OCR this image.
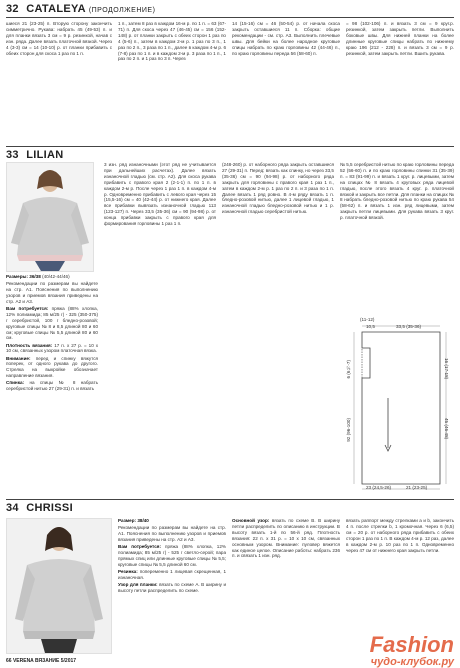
32 CATALEYA (ПРОДОЛЖЕНИЕ)
шиеся 21 (23-25) п. Вторую сторону закончить симметрично. Рукава: набрать 45 (49-53) п. и для планки вязать 3 см = 9 р. резинкой, начав с изн. ряда. Далее вязать платочной вязкой. Через 4 (3-3) см = 14 (10-10) р. от планки прибавить с обеих сторон для скоса 1 раз по 1 п.
1 п., затем 8 раз в каждом 16-м р. по 1 п. = 63 (67-71) п. Для скоса через 47 (46-45) см = 156 (152-148) р. от планки закрыть с обеих сторон 1 раз по 4 (5-6) п., затем в каждом 2-м р. 1 раз по 3 п., 1 раз по 2 п., 3 раза по 1 п., далее в каждом 4-м р. 6 (7-8) раз по 1 п. и в каждом 2-м р. 3 раза по 1 п., 1 раз по 2 п. и 1 раз по 3 п. Через
14 (15-16) см = 46 (50-54) р. от начала скоса закрыть оставшиеся 11 п. Сборка: общие рекомендации - см. стр. А3. Выполнить плечевые швы. Для бейки на более народное круговые спицы набрать по краю горловины 42 (44-46) п., по краю горловины переда 56 (58-60) п.
= 98 (102-106) п. и вязать 3 см = 9 круг.р. резинкой, затем закрыть петли. Выполнить боковые швы. Для нижней планки на более длинные круговые спицы набрать по нижнему краю 196 (212 - 228) п. и вязать 3 см = 9 р. резинкой, затем закрыть петли. Вшить рукава.
33 LILIAN

Размеры: 36/38 (40/42-44/46)

Рекомендации по размерам вы найдете на стр. А1. Пояснения по выполнению узоров и приемов вязания приведены на стр. А2 и А3.

Вам потребуется: пряжа (88% хлопка, 12% полиамида; 85 м/25 г) - 325 (350-375) г серебристой, 100 г бледно-розовой; круговые спицы № 8 и 8,5 длиной 80 и 60 см; круговые спицы № 5,5 длиной 80 и 60 см.

Плотность вязания: 17 п. х 27 р. = 10 х 10 см, связанных узором платочная вязка.

Внимание: перед и спинку вяжутся поперек, от одного рукава до другого. Стрелка на выкройке обозначает направление вязания.

Спинка: на спицы № 8 набрать серебристой нитью 27 (29-31) п. и вязать

3 изн. ряд изнаночными (этот ряд не учитывается при дальнейших расчетах). Далее вязать изнаночной гладью (см. стр. А2). Для скоса рукава прибавить с правого края 2 (2-1-1) п. по 1 п. в каждом 2-м р. После через 1 раз 1 п. в каждом 4-м р. Одновременно прибавить с левого края через 15 (15,5-16) см = 40 (42-44) р. от нижнего края. Далее все прибавки вывязать изнаночной гладью 113 (123-127) п. Через 33,5 (35-36) см = 90 (94-98) р. от конца прибавки закрыть с правого края для формирования горловины 1 раз 1 п.
(248-260) р. от наборного ряда закрыть оставшиеся 27 (29-31) п. Перед: вязать как спинку, но через 33,5 (35-36) см = 90 (94-98) р. от наборного ряда закрыть для горловины с правого края 1 раз 1 п., затем в каждом 2-м р. 1 раз по 2 п. и 3 раза по 1 п. Далее вязать 1 ряд ровно. В 4-м ряду вязать 1 п. бледно-розовой нитью, далее 1 лицевой гладью, 1 изнаночной гладью бледно-розовой нитью и 1 р. изнаночной гладью серебристой нитью.
№ 5,5 серебристой нитью по краю горловины переда 52 (56-60) п. и по краю горловины спинки 31 (35-39) п. = 83 (91-99) п. и вязать 1 круг. р. лицевыми, затем на спицах № 8 вязать 4 круговых ряда лицевой гладью, после этого вязать 4 круг. р. платочной вязкой и закрыть все петли. Для планки на спицах № 8 набрать бледно-розовой нитью по краю рукава 54 (58-62) п. и вязать 1 изн. ряд лицевыми, затем закрыть петли лицевыми. Для рукава вязать 3 круг. р. платочной вязкой.
(11-12)
10,5	33,5 (35-36)
16 (17-18)
45 (46-48)
6 (6½-7)
92 (96-100)
23 (24,5-26)	21 (23-25)
34 CHRISSI

Размер: 38/40

Рекомендации по размерам вы найдете на стр. А1. Пояснения по выполнению узоров и приемов вязания приведены на стр. А2 и А3.

Вам потребуется: пряжа (88% хлопка, 12% полиамида; 85 м/25 г) - 525 г светло-серой; пара прямых спиц или длинные круговые спицы № 5,5; круговые спицы № 5,5 длиной 60 см.

Резинка: попеременно 1 лицевая скрещенная, 1 изнаночная.

Узор для планки: вязать по схеме А. В ширину и высоту петли распределить по схеме.

Основной узор: вязать по схеме В. В ширину петли распределить по описанию в инструкции. В высоту вязать 1-й по 56-й ряд. Плотность вязания: 22 п. х 31 р. = 10 х 10 см, связанных основным узором. Внимание: пуловер вяжется как единое целое. Описание работы: набрать 236 п. и связать 1 изн. ряд.

вязать раппорт между стрелками а и b, закончить 4 п. после стрелки b, 1 кромочная. Через 6 (6,5) см = 20 р. от наборного ряда прибавить с обеих сторон 1 раз по 1 п. В каждом 4-м р. 12 раз, далее в каждом 2-м р. 10 раз по 1 п. Одновременно через 47 см от нижнего края закрыть петли.
66 VERENA ВЯЗАНИЕ 5/2017
Fashion
чудо-клубок.ру
